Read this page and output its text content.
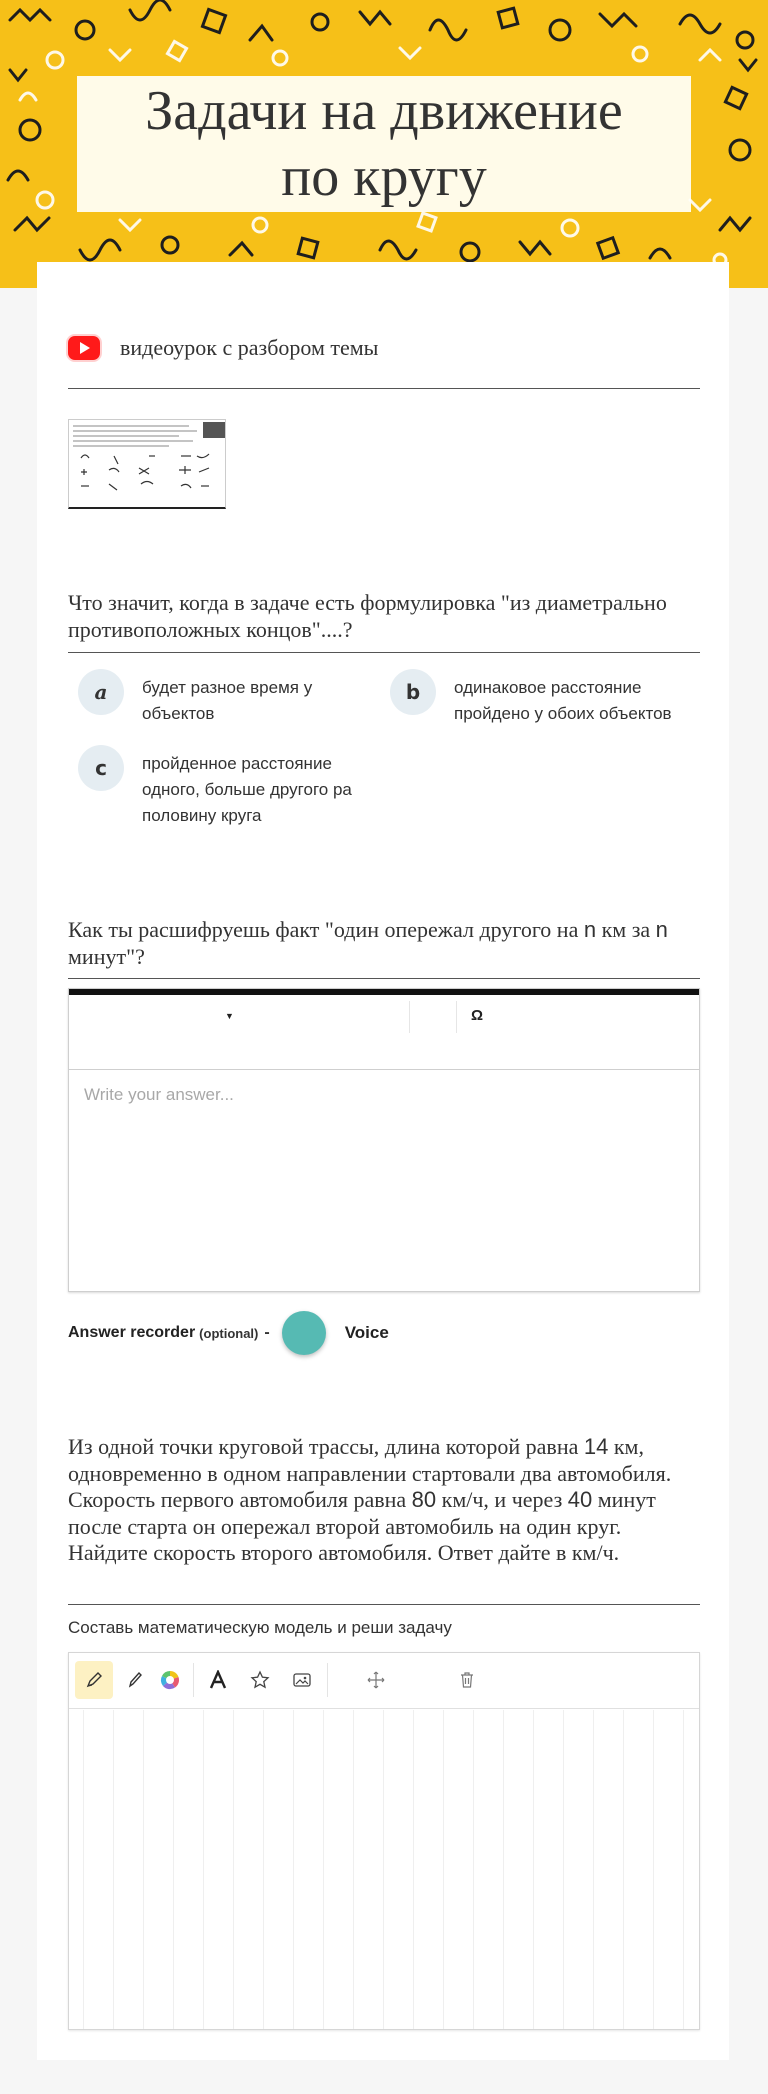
Задачи на движение
по кругу
видеоурок с разбором темы
Что значит, когда в задаче есть формулировка "из диаметрально противоположных концов"....?
a	будет разное время у объектов
b	одинаковое расстояние пройдено у обоих объектов
c	пройденное расстояние одного, больше другого ра половину круга
Как ты расшифруешь факт "один опережал другого на n км за n минут"?
▼	Ω
Write your answer...
Answer recorder (optional) -	Voice
Из одной точки круговой трассы, длина которой равна 14 км, одновременно в одном направлении стартовали два автомобиля. Скорость первого автомобиля равна 80 км/ч, и через 40 минут после старта он опережал второй автомобиль на один круг. Найдите скорость второго автомобиля. Ответ дайте в км/ч.
Составь математическую модель и реши задачу
